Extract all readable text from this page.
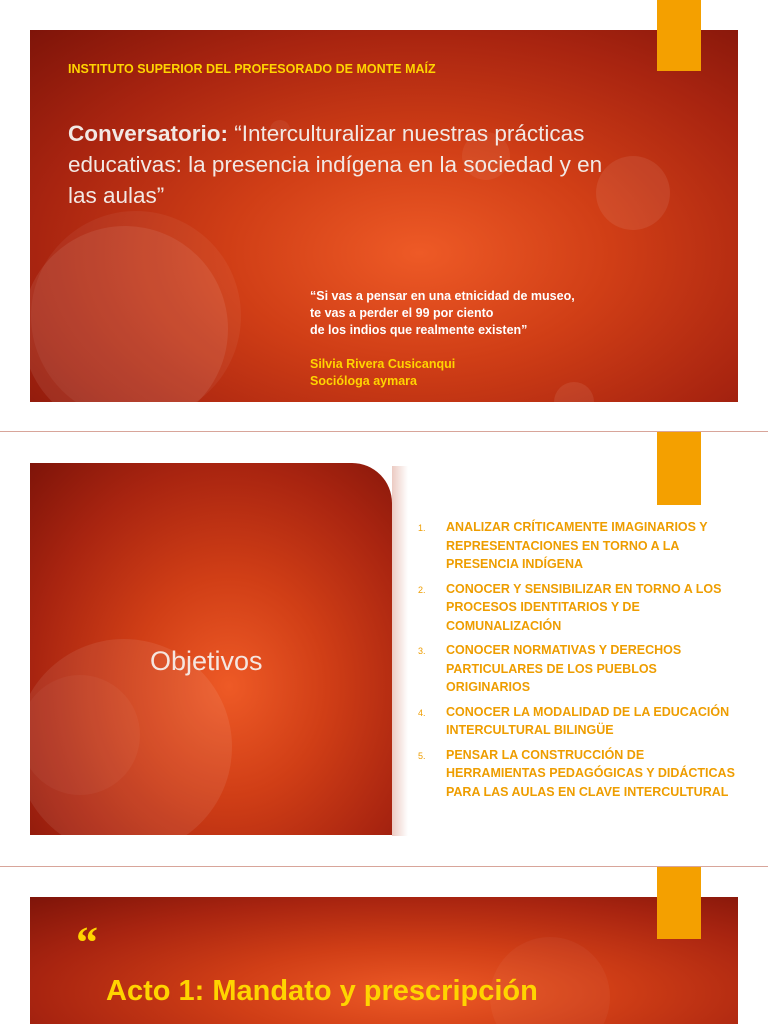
INSTITUTO SUPERIOR DEL PROFESORADO DE MONTE MAÍZ
Conversatorio: “Interculturalizar nuestras prácticas educativas: la presencia indígena en la sociedad y en las aulas”
“Si vas a pensar en una etnicidad de museo,
te vas a perder el 99 por ciento
de los indios que realmente existen”
Silvia Rivera Cusicanqui
Socióloga aymara
Objetivos
1. ANALIZAR CRÍTICAMENTE IMAGINARIOS Y REPRESENTACIONES EN TORNO A LA PRESENCIA INDÍGENA
2. CONOCER Y SENSIBILIZAR EN TORNO A LOS PROCESOS IDENTITARIOS Y DE COMUNALIZACIÓN
3. CONOCER NORMATIVAS Y DERECHOS PARTICULARES DE LOS PUEBLOS ORIGINARIOS
4. CONOCER LA MODALIDAD DE LA EDUCACIÓN INTERCULTURAL BILINGÜE
5. PENSAR LA CONSTRUCCIÓN DE HERRAMIENTAS PEDAGÓGICAS Y DIDÁCTICAS PARA LAS AULAS EN CLAVE INTERCULTURAL
“
Acto 1: Mandato y prescripción
